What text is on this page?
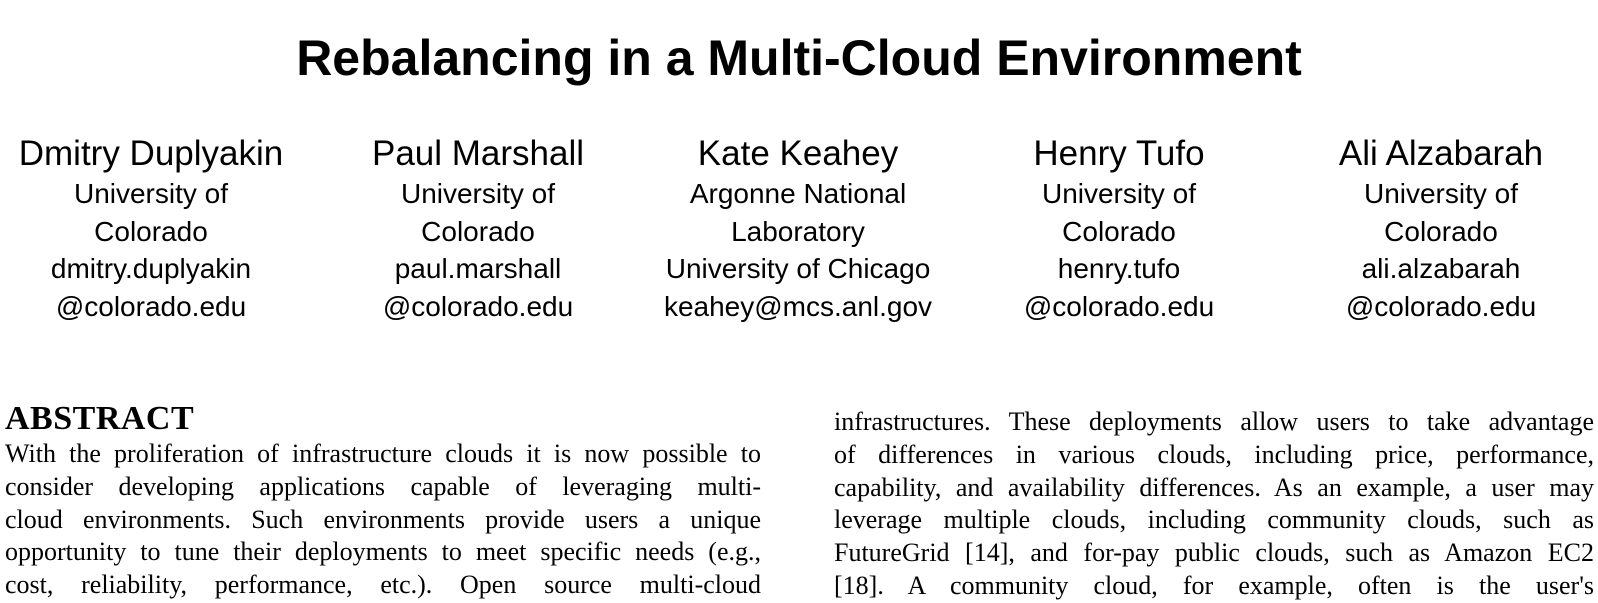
Rebalancing in a Multi-Cloud Environment
Dmitry Duplyakin
University of
Colorado
dmitry.duplyakin
@colorado.edu
Paul Marshall
University of
Colorado
paul.marshall
@colorado.edu
Kate Keahey
Argonne National
Laboratory
University of Chicago
keahey@mcs.anl.gov
Henry Tufo
University of
Colorado
henry.tufo
@colorado.edu
Ali Alzabarah
University of
Colorado
ali.alzabarah
@colorado.edu
ABSTRACT

With the proliferation of infrastructure clouds it is now possible to
consider developing applications capable of leveraging multi-
cloud environments. Such environments provide users a unique
opportunity to tune their deployments to meet specific needs (e.g.,
cost, reliability, performance, etc.). Open source multi-cloud

infrastructures. These deployments allow users to take advantage
of differences in various clouds, including price, performance,
capability, and availability differences. As an example, a user may
leverage multiple clouds, including community clouds, such as
FutureGrid [14], and for-pay public clouds, such as Amazon EC2
[18]. A community cloud, for example, often is the user's
